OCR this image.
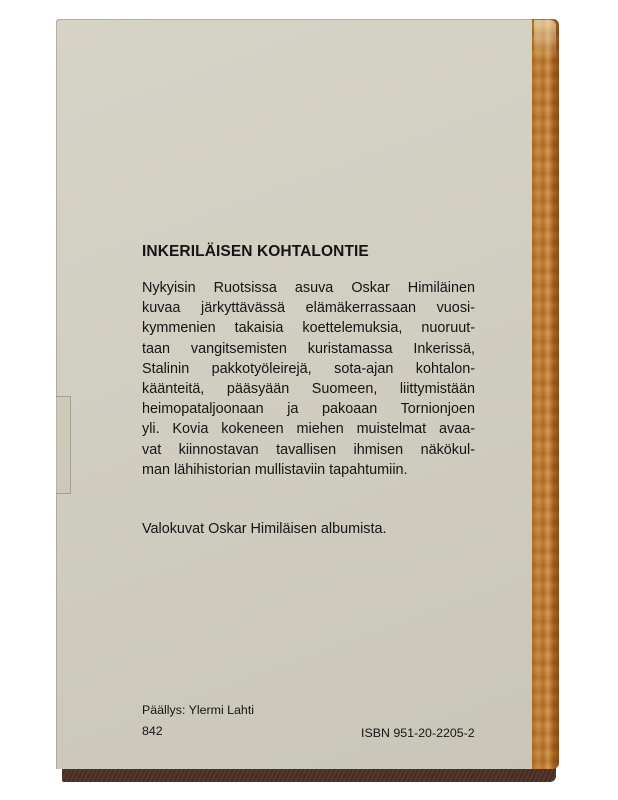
INKERILÄISEN KOHTALONTIE
Nykyisin Ruotsissa asuva Oskar Himiläinen
kuvaa järkyttävässä elämäkerrassaan vuosi-
kymmenien takaisia koettelemuksia, nuoruut-
taan vangitsemisten kuristamassa Inkerissä,
Stalinin pakkotyöleirejä, sota-ajan kohtalon-
käänteitä, pääsyään Suomeen, liittymistään
heimopataljoonaan ja pakoaan Tornionjoen
yli. Kovia kokeneen miehen muistelmat avaa-
vat kiinnostavan tavallisen ihmisen näkökul-
man lähihistorian mullistaviin tapahtumiin.
Valokuvat Oskar Himiläisen albumista.
Päällys: Ylermi Lahti
842	ISBN 951-20-2205-2
